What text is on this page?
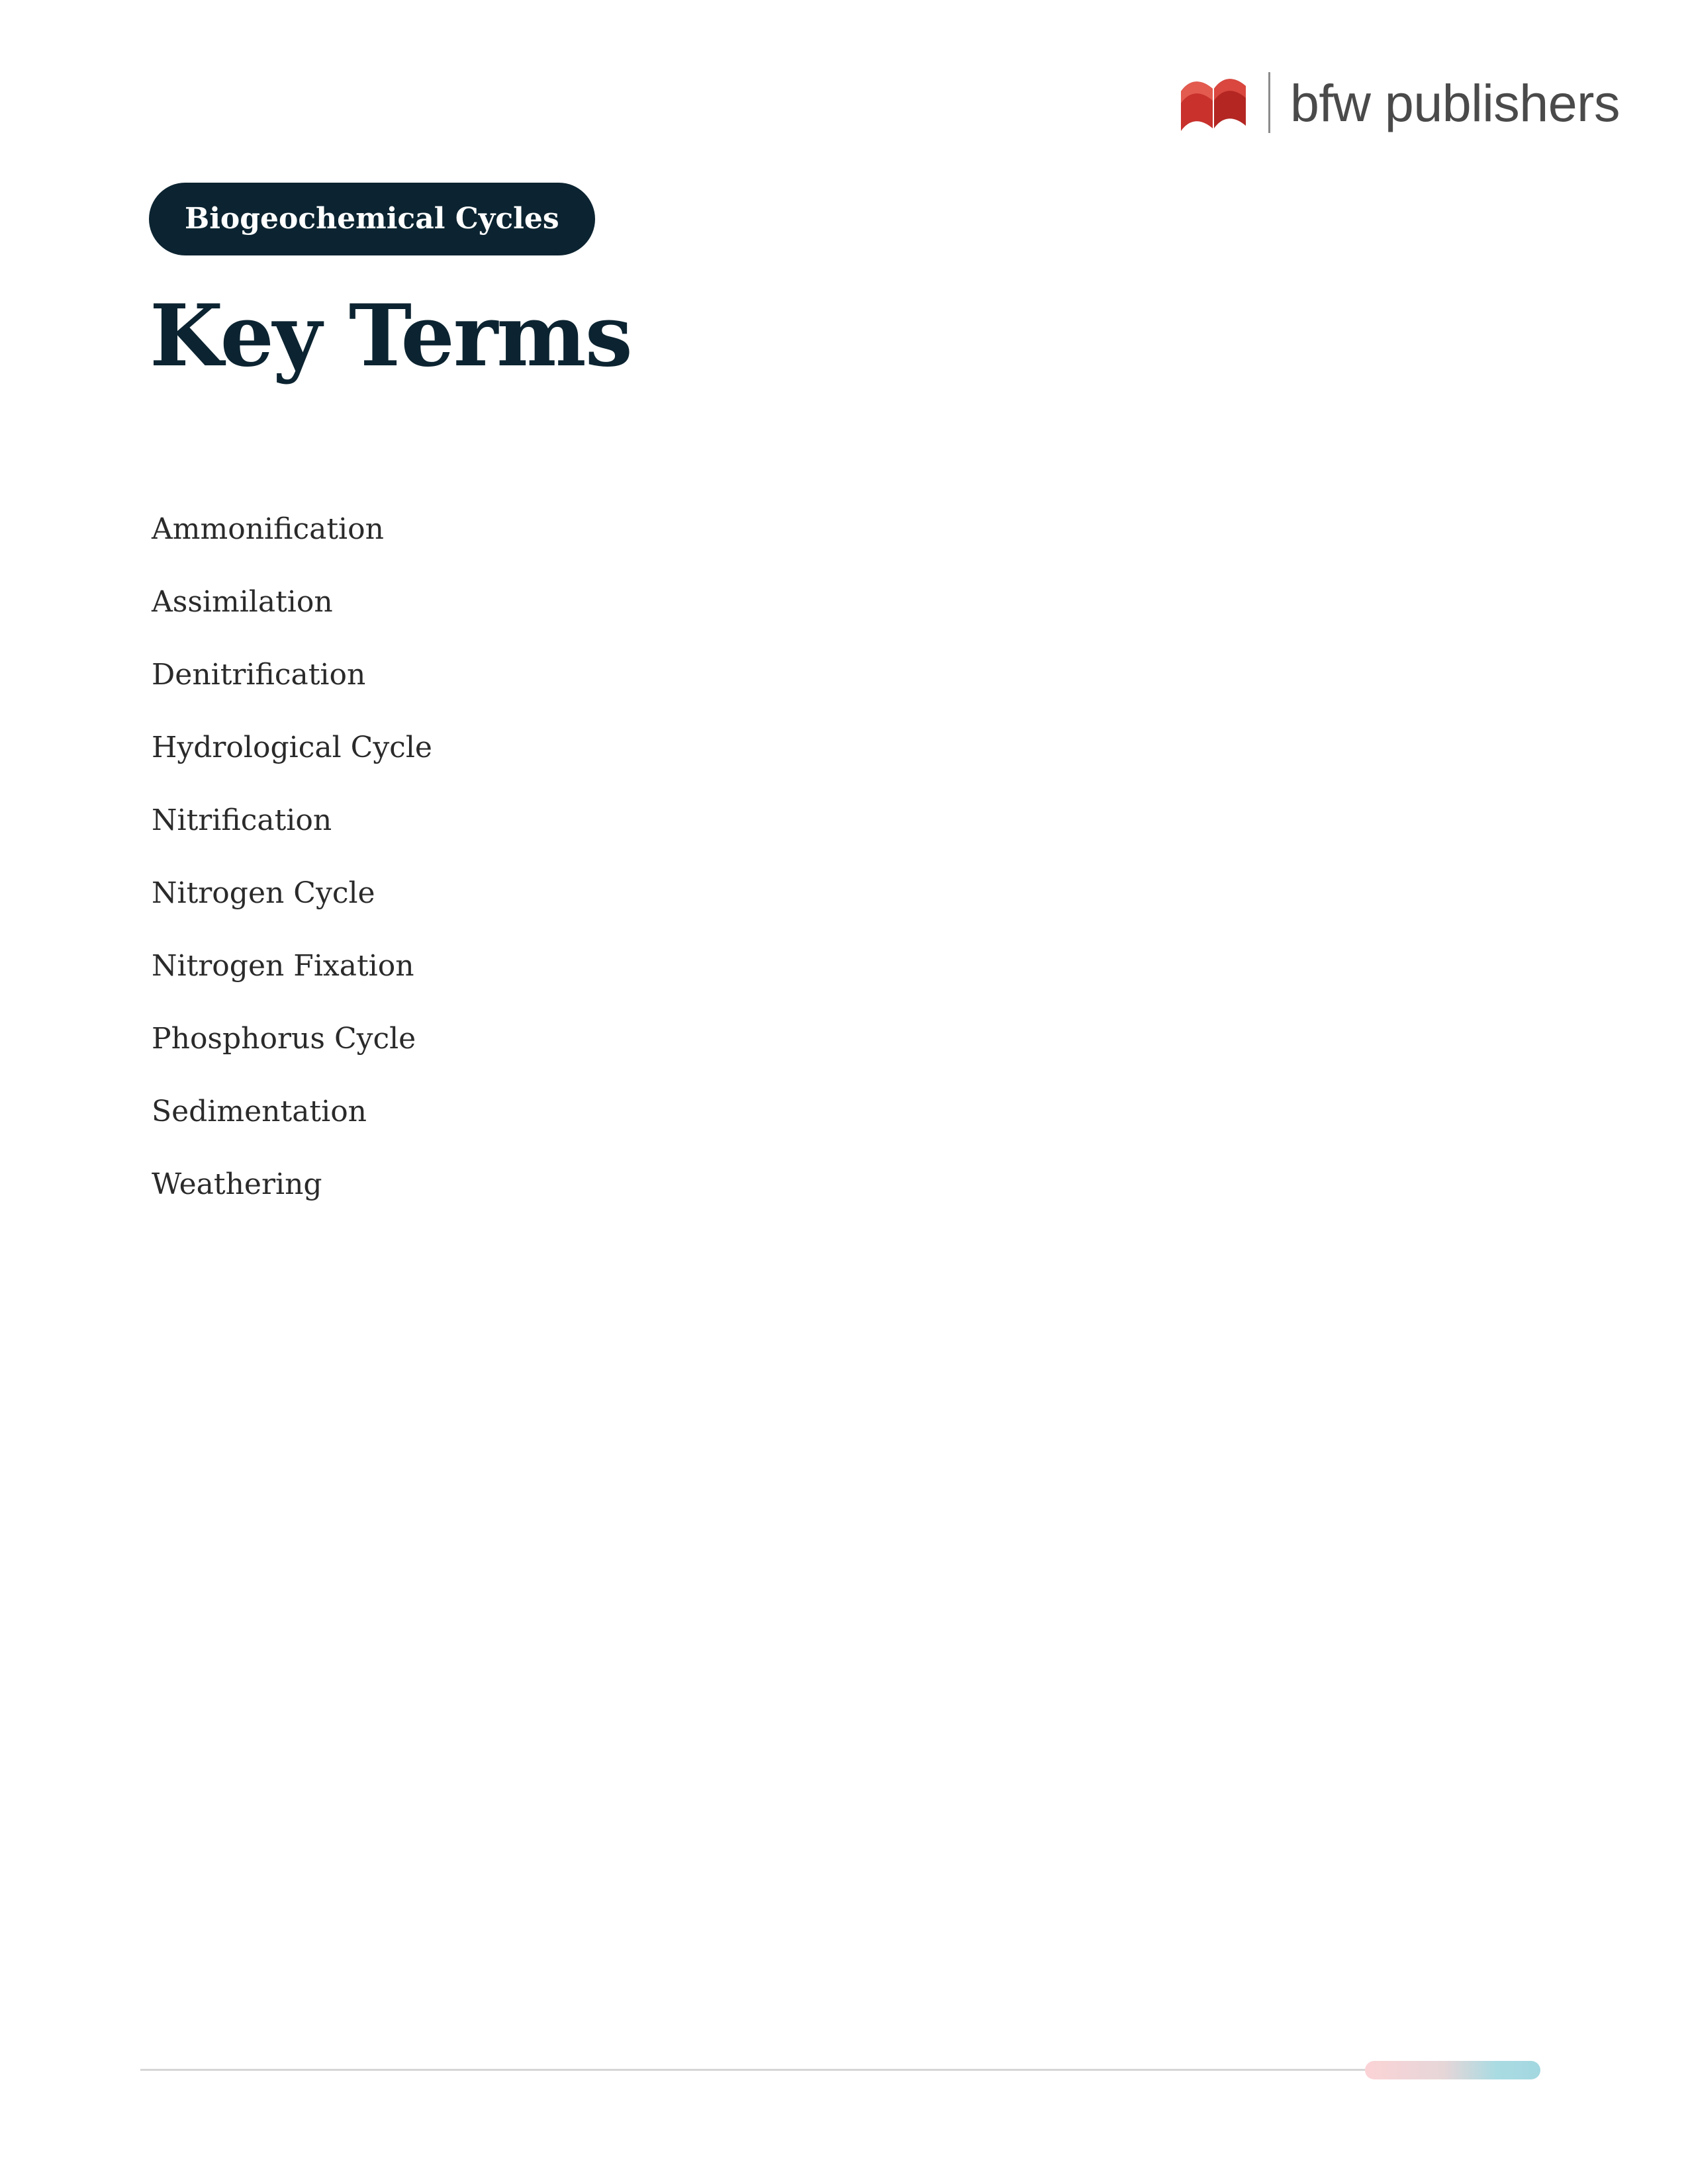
bfw publishers
Biogeochemical Cycles
Key Terms
Ammonification
Assimilation
Denitrification
Hydrological Cycle
Nitrification
Nitrogen Cycle
Nitrogen Fixation
Phosphorus Cycle
Sedimentation
Weathering
